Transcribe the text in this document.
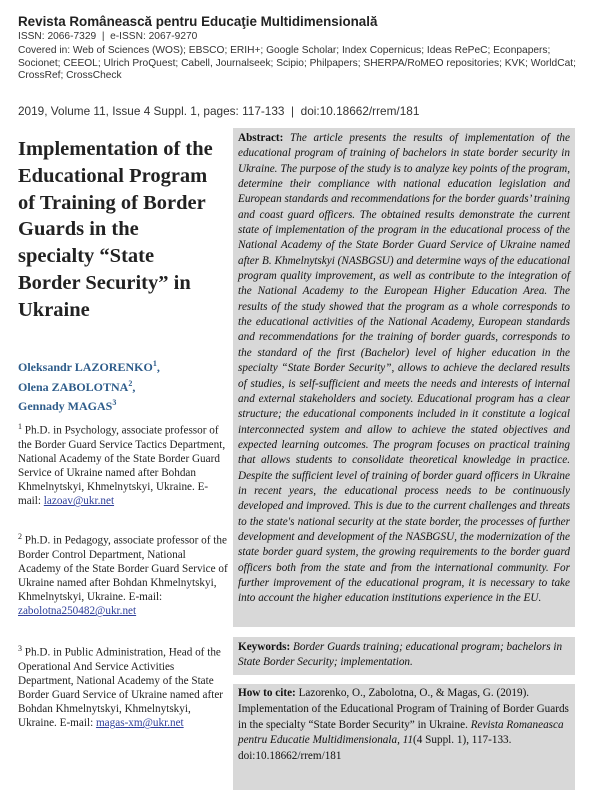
Revista Românească pentru Educaţie Multidimensională
ISSN: 2066-7329  |  e-ISSN: 2067-9270
Covered in: Web of Sciences (WOS); EBSCO; ERIH+; Google Scholar; Index Copernicus; Ideas RePeC; Econpapers; Socionet; CEEOL; Ulrich ProQuest; Cabell, Journalseek; Scipio; Philpapers; SHERPA/RoMEO repositories; KVK; WorldCat; CrossRef; CrossCheck
2019, Volume 11, Issue 4 Suppl. 1, pages: 117-133  |  doi:10.18662/rrem/181
Implementation of the Educational Program of Training of Border Guards in the specialty “State Border Security” in Ukraine
Oleksandr LAZORENKO$^1$,
Olena ZABOLOTNA$^2$,
Gennady MAGAS$^3$
$^1$ Ph.D. in Psychology, associate professor of the Border Guard Service Tactics Department, National Academy of the State Border Guard Service of Ukraine named after Bohdan Khmelnytskyi, Khmelnytskyi, Ukraine. E-mail: lazoav@ukr.net
$^2$ Ph.D. in Pedagogy, associate professor of the Border Control Department, National Academy of the State Border Guard Service of Ukraine named after Bohdan Khmelnytskyi, Khmelnytskyi, Ukraine. E-mail: zabolotna250482@ukr.net
$^3$ Ph.D. in Public Administration, Head of the Operational And Service Activities Department, National Academy of the State Border Guard Service of Ukraine named after Bohdan Khmelnytskyi, Khmelnytskyi, Ukraine. E-mail: magas-xm@ukr.net

Abstract: The article presents the results of implementation of the educational program of training of bachelors in state border security in Ukraine. The purpose of the study is to analyze key points of the program, determine their compliance with national education legislation and European standards and recommendations for the border guards’ training and coast guard officers. The obtained results demonstrate the current state of implementation of the program in the educational process of the National Academy of the State Border Guard Service of Ukraine named after B. Khmelnytskyi (NASBGSU) and determine ways of the educational program quality improvement, as well as contribute to the integration of the National Academy to the European Higher Education Area. The results of the study showed that the program as a whole corresponds to the educational activities of the National Academy, European standards and recommendations for the training of border guards, corresponds to the standard of the first (Bachelor) level of higher education in the specialty “State Border Security”, allows to achieve the declared results of studies, is self-sufficient and meets the needs and interests of internal and external stakeholders and society. Educational program has a clear structure; the educational components included in it constitute a logical interconnected system and allow to achieve the stated objectives and expected learning outcomes. The program focuses on practical training that allows students to consolidate theoretical knowledge in practice. Despite the sufficient level of training of border guard officers in Ukraine in recent years, the educational process needs to be continuously developed and improved. This is due to the current challenges and threats to the state's national security at the state border, the processes of further development and development of the NASBGSU, the modernization of the state border guard system, the growing requirements to the border guard officers both from the state and from the international community. For further improvement of the educational program, it is necessary to take into account the higher education institutions experience in the EU.

Keywords: Border Guards training; educational program; bachelors in State Border Security; implementation.

How to cite: Lazorenko, O., Zabolotna, O., & Magas, G. (2019). Implementation of the Educational Program of Training of Border Guards in the specialty “State Border Security” in Ukraine. Revista Romaneasca pentru Educatie Multidimensionala, 11(4 Suppl. 1), 117-133. doi:10.18662/rrem/181
